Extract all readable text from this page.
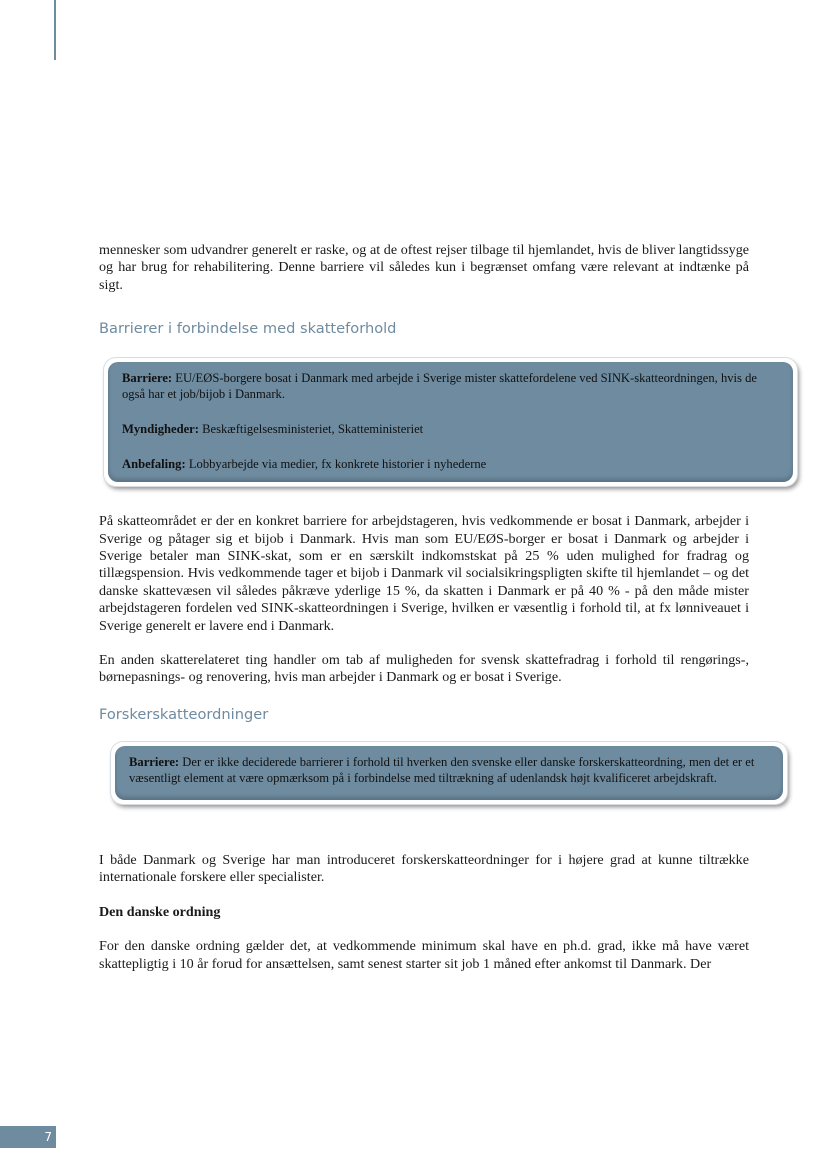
mennesker som udvandrer generelt er raske, og at de oftest rejser tilbage til hjemlandet, hvis de bliver langtidssyge og har brug for rehabilitering. Denne barriere vil således kun i begrænset omfang være relevant at indtænke på sigt.

Barrierer i forbindelse med skatteforhold

Barriere: EU/EØS-borgere bosat i Danmark med arbejde i Sverige mister skattefordelene ved SINK-skatteordningen, hvis de også har et job/bijob i Danmark.

Myndigheder: Beskæftigelsesministeriet, Skatteministeriet

Anbefaling: Lobbyarbejde via medier, fx konkrete historier i nyhederne

På skatteområdet er der en konkret barriere for arbejdstageren, hvis vedkommende er bosat i Danmark, arbejder i Sverige og påtager sig et bijob i Danmark. Hvis man som EU/EØS-borger er bosat i Danmark og arbejder i Sverige betaler man SINK-skat, som er en særskilt indkomstskat på 25 % uden mulighed for fradrag og tillægspension. Hvis vedkommende tager et bijob i Danmark vil socialsikringspligten skifte til hjemlandet – og det danske skattevæsen vil således påkræve yderlige 15 %, da skatten i Danmark er på 40 % - på den måde mister arbejdstageren fordelen ved SINK-skatteordningen i Sverige, hvilken er væsentlig i forhold til, at fx lønniveauet i Sverige generelt er lavere end i Danmark.

En anden skatterelateret ting handler om tab af muligheden for svensk skattefradrag i forhold til rengørings-, børnepasnings- og renovering, hvis man arbejder i Danmark og er bosat i Sverige.

Forskerskatteordninger

Barriere: Der er ikke deciderede barrierer i forhold til hverken den svenske eller danske forskerskatteordning, men det er et væsentligt element at være opmærksom på i forbindelse med tiltrækning af udenlandsk højt kvalificeret arbejdskraft.

I både Danmark og Sverige har man introduceret forskerskatteordninger for i højere grad at kunne tiltrække internationale forskere eller specialister.

Den danske ordning

For den danske ordning gælder det, at vedkommende minimum skal have en ph.d. grad, ikke må have været skattepligtig i 10 år forud for ansættelsen, samt senest starter sit job 1 måned efter ankomst til Danmark. Der

7
